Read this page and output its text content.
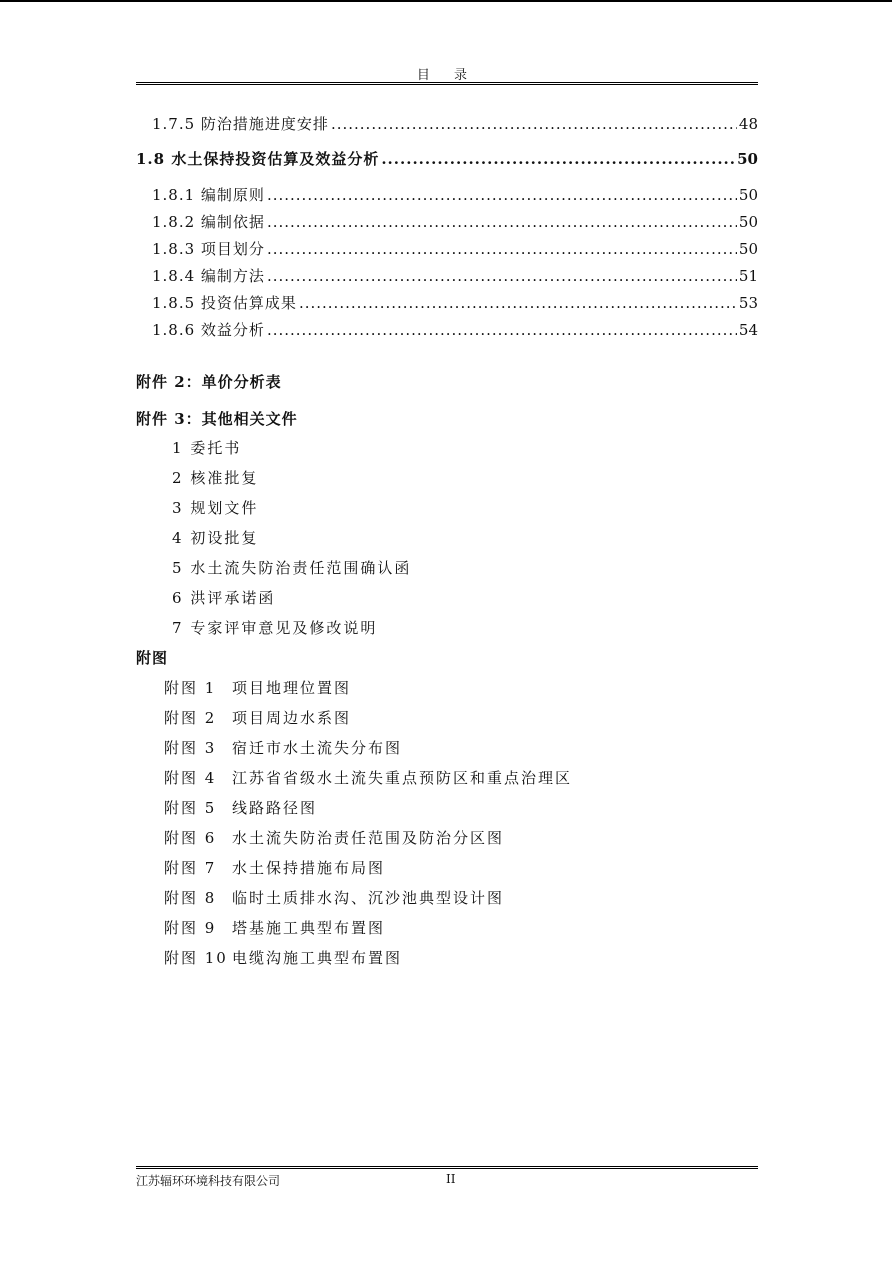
目 录
1.7.5 防治措施进度安排 .....	48
1.8 水土保持投资估算及效益分析 .....	50
1.8.1 编制原则 .....	50
1.8.2 编制依据 .....	50
1.8.3 项目划分 .....	50
1.8.4 编制方法 .....	51
1.8.5 投资估算成果 .....	53
1.8.6 效益分析 .....	54
附件 2：单价分析表
附件 3：其他相关文件
1 委托书
2 核准批复
3 规划文件
4 初设批复
5 水土流失防治责任范围确认函
6 洪评承诺函
7 专家评审意见及修改说明
附图
附图 1 项目地理位置图
附图 2 项目周边水系图
附图 3 宿迁市水土流失分布图
附图 4 江苏省省级水土流失重点预防区和重点治理区
附图 5 线路路径图
附图 6 水土流失防治责任范围及防治分区图
附图 7 水土保持措施布局图
附图 8 临时土质排水沟、沉沙池典型设计图
附图 9 塔基施工典型布置图
附图 10 电缆沟施工典型布置图
江苏辐环环境科技有限公司	II
